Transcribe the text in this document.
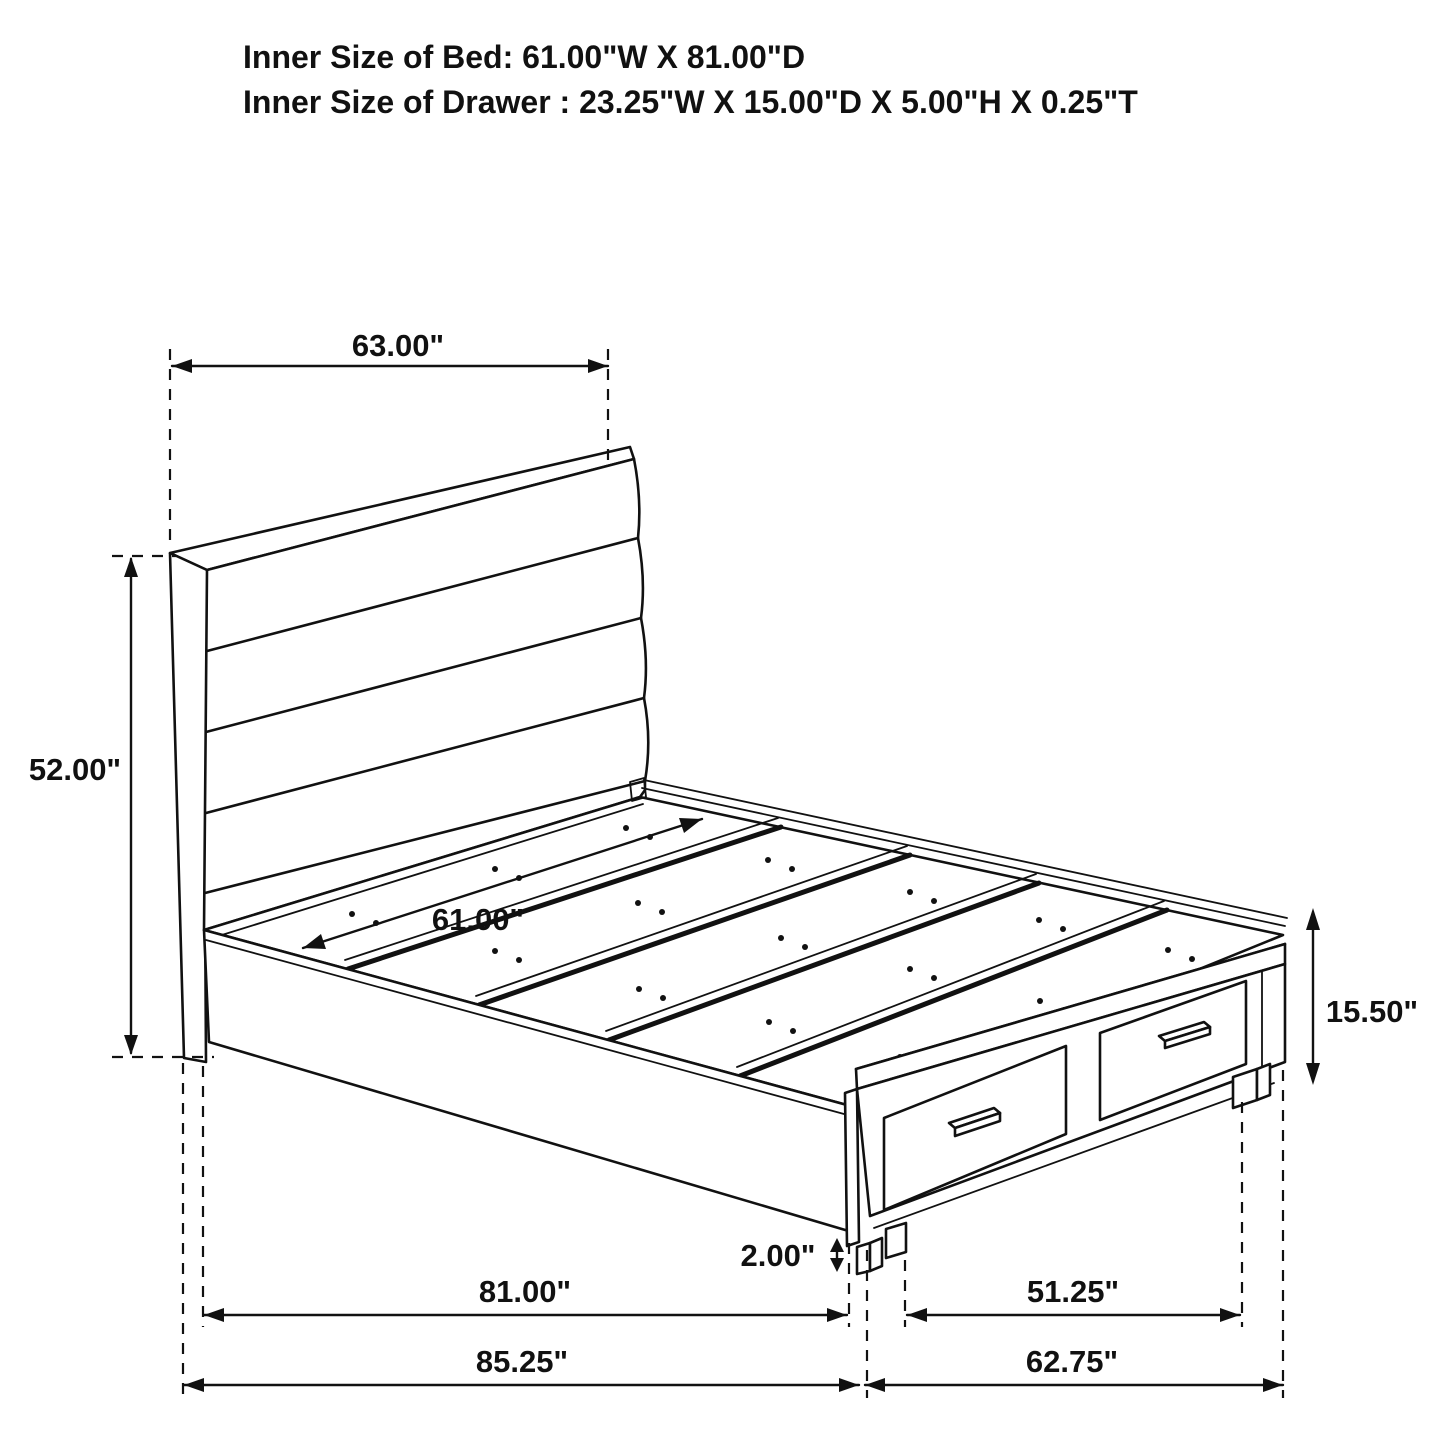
Inner Size of Bed: 61.00"W X 81.00"D
Inner Size of Drawer : 23.25"W X 15.00"D X 5.00"H X 0.25"T
63.00"
52.00"
61.00"
15.50"
2.00"
81.00"	51.25"
85.25"	62.75"
